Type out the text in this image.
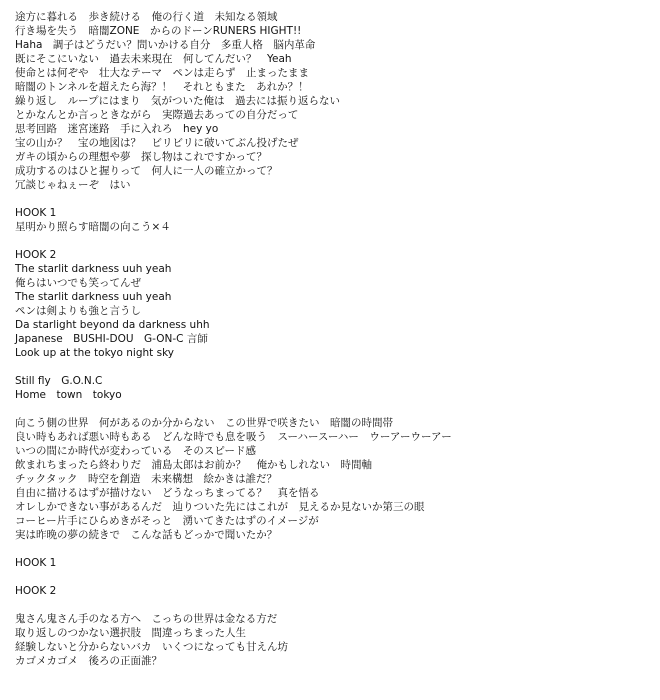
途方に暮れる　歩き続ける　俺の行く道　未知なる領域
行き場を失う　暗闇ZONE　からのドーンRUNERS HIGHT!!
Haha　調子はどうだい？問いかける自分　多重人格　脳内革命
既にそこにいない　過去未来現在　何してんだい？　Yeah
使命とは何ぞや　壮大なテーマ　ペンは走らず　止まったまま
暗闇のトンネルを超えたら海？！　それともまた　あれか？！
繰り返し　ループにはまり　気がついた俺は　過去には振り返らない
とかなんとか言っときながら　実際過去あっての自分だって
思考回路　迷宮迷路　手に入れろ　hey yo
宝の山か？　宝の地図は？　ビリビリに破いてぶん投げたぜ
ガキの頃からの理想や夢　探し物はこれですかって？
成功するのはひと握りって　何人に一人の確立かって？
冗談じゃねぇーぞ　はい
HOOK 1
星明かり照らす暗闇の向こう×４
HOOK 2
The starlit darkness uuh yeah
俺らはいつでも笑ってんぜ
The starlit darkness uuh yeah
ペンは剣よりも強と言うし
Da starlight beyond da darkness uhh
Japanese　BUSHI-DOU　G-ON-C 言師
Look up at the tokyo night sky
Still fly　G.O.N.C
Home　town　tokyo
向こう側の世界　何があるのか分からない　この世界で咲きたい　暗闇の時間帯
良い時もあれば悪い時もある　どんな時でも息を吸う　スーハースーハー　ウーアーウーアー
いつの間にか時代が変わっている　そのスピード感
飲まれちまったら終わりだ　浦島太郎はお前か？　俺かもしれない　時間軸
チックタック　時空を創造　未来構想　絵かきは誰だ？
自由に描けるはずが描けない　どうなっちまってる？　真を悟る
オレしかできない事があるんだ　辿りついた先にはこれが　見えるか見ないか第三の眼
コーヒー片手にひらめきがそっと　湧いてきたはずのイメージが
実は昨晩の夢の続きで　こんな話もどっかで聞いたか？
HOOK 1
HOOK 2
鬼さん鬼さん手のなる方へ　こっちの世界は金なる方だ
取り返しのつかない選択肢　間違っちまった人生
経験しないと分からないバカ　いくつになっても甘えん坊
カゴメカゴメ　後ろの正面誰？
